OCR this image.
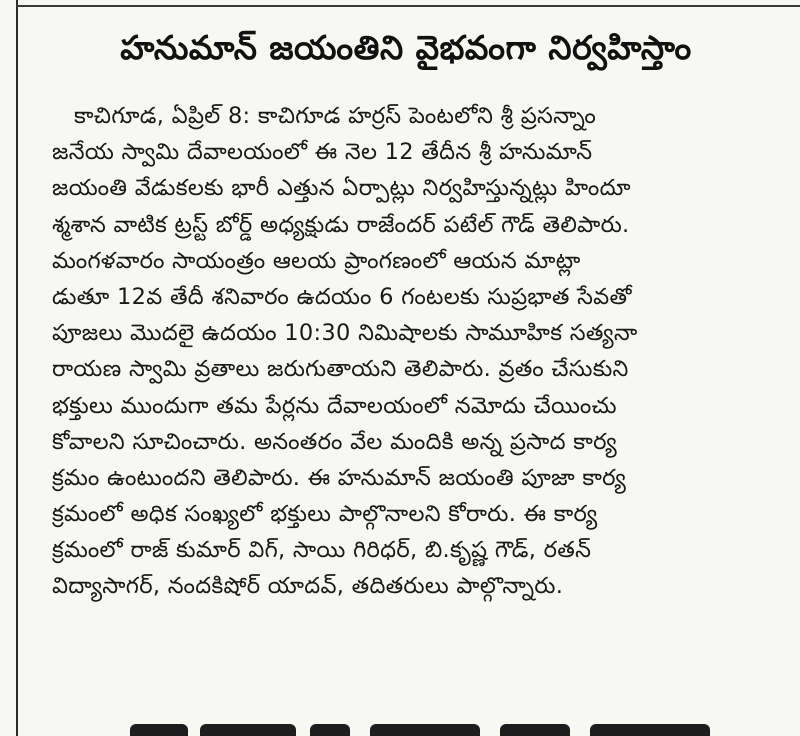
హనుమాన్ జయంతిని వైభవంగా నిర్వహిస్తాం
కాచిగూడ, ఏప్రిల్ 8: కాచిగూడ హర్రస్ పెంటలోని శ్రీ ప్రసన్నాం
జనేయ స్వామి దేవాలయంలో ఈ నెల 12 తేదీన శ్రీ హనుమాన్
జయంతి వేడుకలకు భారీ ఎత్తున ఏర్పాట్లు నిర్వహిస్తున్నట్లు హిందూ
శ్మశాన వాటిక ట్రస్ట్ బోర్డ్ అధ్యక్షుడు రాజేందర్ పటేల్ గౌడ్ తెలిపారు.
మంగళవారం సాయంత్రం ఆలయ ప్రాంగణంలో ఆయన మాట్లా
డుతూ 12వ తేదీ శనివారం ఉదయం 6 గంటలకు సుప్రభాత సేవతో
పూజలు మొదలై ఉదయం 10:30 నిమిషాలకు సామూహిక సత్యనా
రాయణ స్వామి వ్రతాలు జరుగుతాయని తెలిపారు. వ్రతం చేసుకుని
భక్తులు ముందుగా తమ పేర్లను దేవాలయంలో నమోదు చేయించు
కోవాలని సూచించారు. అనంతరం వేల మందికి అన్న ప్రసాద కార్య
క్రమం ఉంటుందని తెలిపారు. ఈ హనుమాన్ జయంతి పూజా కార్య
క్రమంలో అధిక సంఖ్యలో భక్తులు పాల్గొనాలని కోరారు. ఈ కార్య
క్రమంలో రాజ్ కుమార్ విగ్, సాయి గిరిధర్, బి.కృష్ణ గౌడ్, రతన్
విద్యాసాగర్, నందకిషోర్ యాదవ్, తదితరులు పాల్గొన్నారు.
